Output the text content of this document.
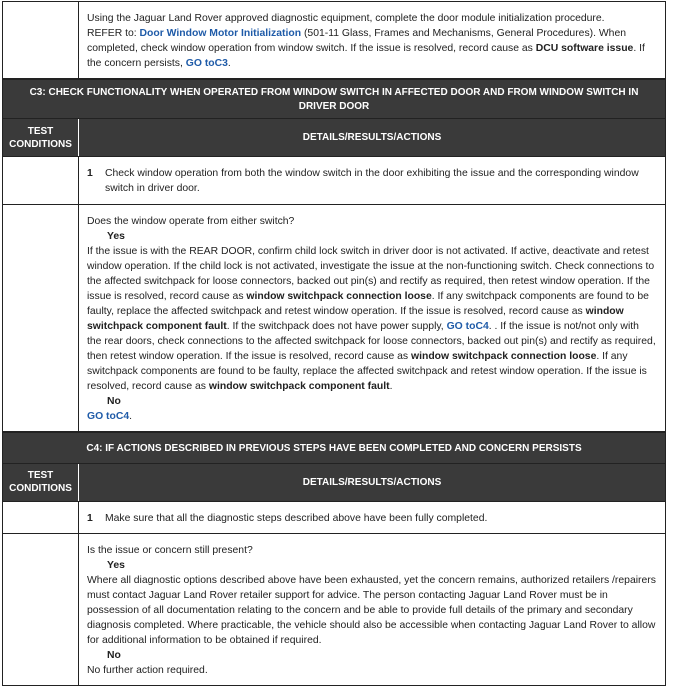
Using the Jaguar Land Rover approved diagnostic equipment, complete the door module initialization procedure.
REFER to: Door Window Motor Initialization (501-11 Glass, Frames and Mechanisms, General Procedures). When completed, check window operation from window switch. If the issue is resolved, record cause as DCU software issue. If the concern persists, GO toC3.
C3: CHECK FUNCTIONALITY WHEN OPERATED FROM WINDOW SWITCH IN AFFECTED DOOR AND FROM WINDOW SWITCH IN DRIVER DOOR
TEST CONDITIONS
DETAILS/RESULTS/ACTIONS
1	Check window operation from both the window switch in the door exhibiting the issue and the corresponding window switch in driver door.
Does the window operate from either switch?
Yes
If the issue is with the REAR DOOR, confirm child lock switch in driver door is not activated. If active, deactivate and retest window operation. If the child lock is not activated, investigate the issue at the non-functioning switch. Check connections to the affected switchpack for loose connectors, backed out pin(s) and rectify as required, then retest window operation. If the issue is resolved, record cause as window switchpack connection loose. If any switchpack components are found to be faulty, replace the affected switchpack and retest window operation. If the issue is resolved, record cause as window switchpack component fault. If the switchpack does not have power supply, GO toC4. . If the issue is not/not only with the rear doors, check connections to the affected switchpack for loose connectors, backed out pin(s) and rectify as required, then retest window operation. If the issue is resolved, record cause as window switchpack connection loose. If any switchpack components are found to be faulty, replace the affected switchpack and retest window operation. If the issue is resolved, record cause as window switchpack component fault.
No
GO toC4.
C4: IF ACTIONS DESCRIBED IN PREVIOUS STEPS HAVE BEEN COMPLETED AND CONCERN PERSISTS
TEST CONDITIONS
DETAILS/RESULTS/ACTIONS
1	Make sure that all the diagnostic steps described above have been fully completed.
Is the issue or concern still present?
Yes
Where all diagnostic options described above have been exhausted, yet the concern remains, authorized retailers /repairers must contact Jaguar Land Rover retailer support for advice. The person contacting Jaguar Land Rover must be in possession of all documentation relating to the concern and be able to provide full details of the primary and secondary diagnosis completed. Where practicable, the vehicle should also be accessible when contacting Jaguar Land Rover to allow for additional information to be obtained if required.
No
No further action required.
